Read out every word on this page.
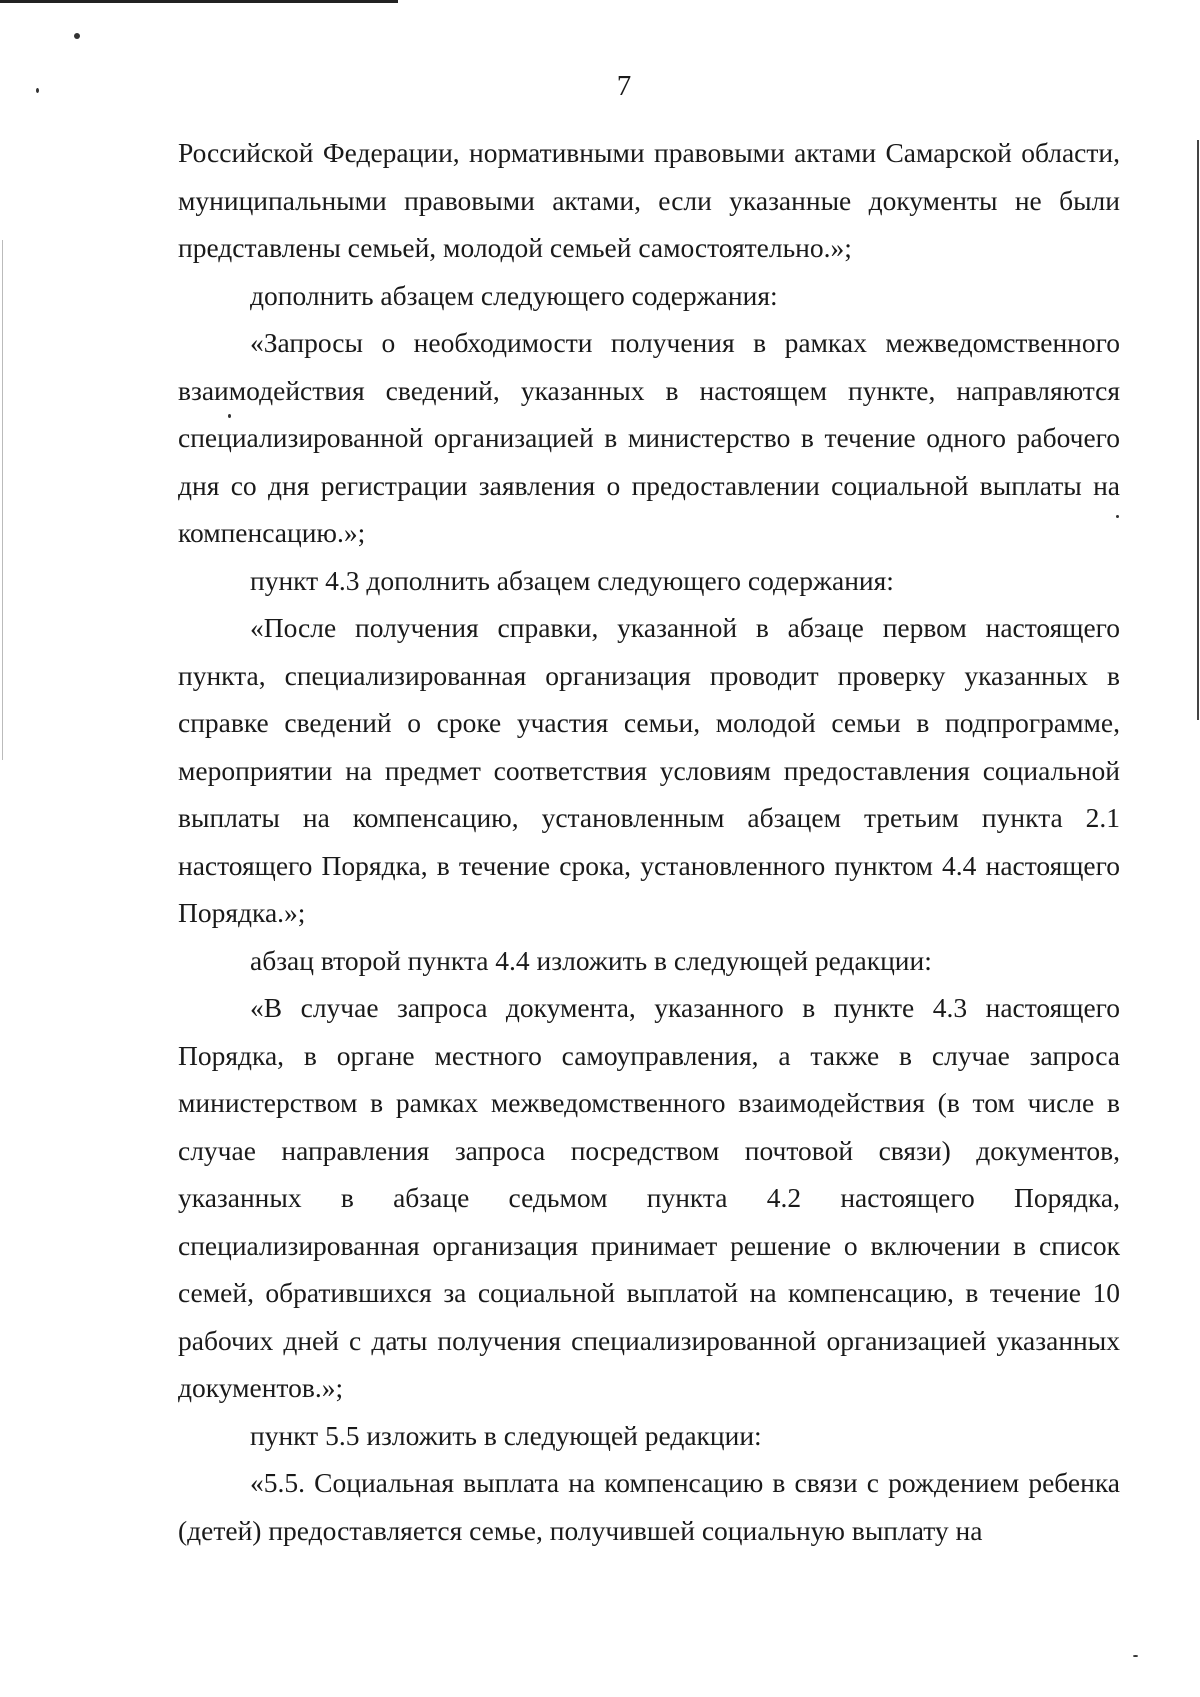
7

Российской Федерации, нормативными правовыми актами Самарской области, муниципальными правовыми актами, если указанные документы не были представлены семьей, молодой семьей самостоятельно.»;

дополнить абзацем следующего содержания:

«Запросы о необходимости получения в рамках межведомственного взаимодействия сведений, указанных в настоящем пункте, направляются специализированной организацией в министерство в течение одного рабочего дня со дня регистрации заявления о предоставлении социальной выплаты на компенсацию.»;

пункт 4.3 дополнить абзацем следующего содержания:

«После получения справки, указанной в абзаце первом настоящего пункта, специализированная организация проводит проверку указанных в справке сведений о сроке участия семьи, молодой семьи в подпрограмме, мероприятии на предмет соответствия условиям предоставления социальной выплаты на компенсацию, установленным абзацем третьим пункта 2.1 настоящего Порядка, в течение срока, установленного пунктом 4.4 настоящего Порядка.»;

абзац второй пункта 4.4 изложить в следующей редакции:

«В случае запроса документа, указанного в пункте 4.3 настоящего Порядка, в органе местного самоуправления, а также в случае запроса министерством в рамках межведомственного взаимодействия (в том числе в случае направления запроса посредством почтовой связи) документов, указанных в абзаце седьмом пункта 4.2 настоящего Порядка, специализированная организация принимает решение о включении в список семей, обратившихся за социальной выплатой на компенсацию, в течение 10 рабочих дней с даты получения специализированной организацией указанных документов.»;

пункт 5.5 изложить в следующей редакции:

«5.5. Социальная выплата на компенсацию в связи с рождением ребенка (детей) предоставляется семье, получившей социальную выплату на
